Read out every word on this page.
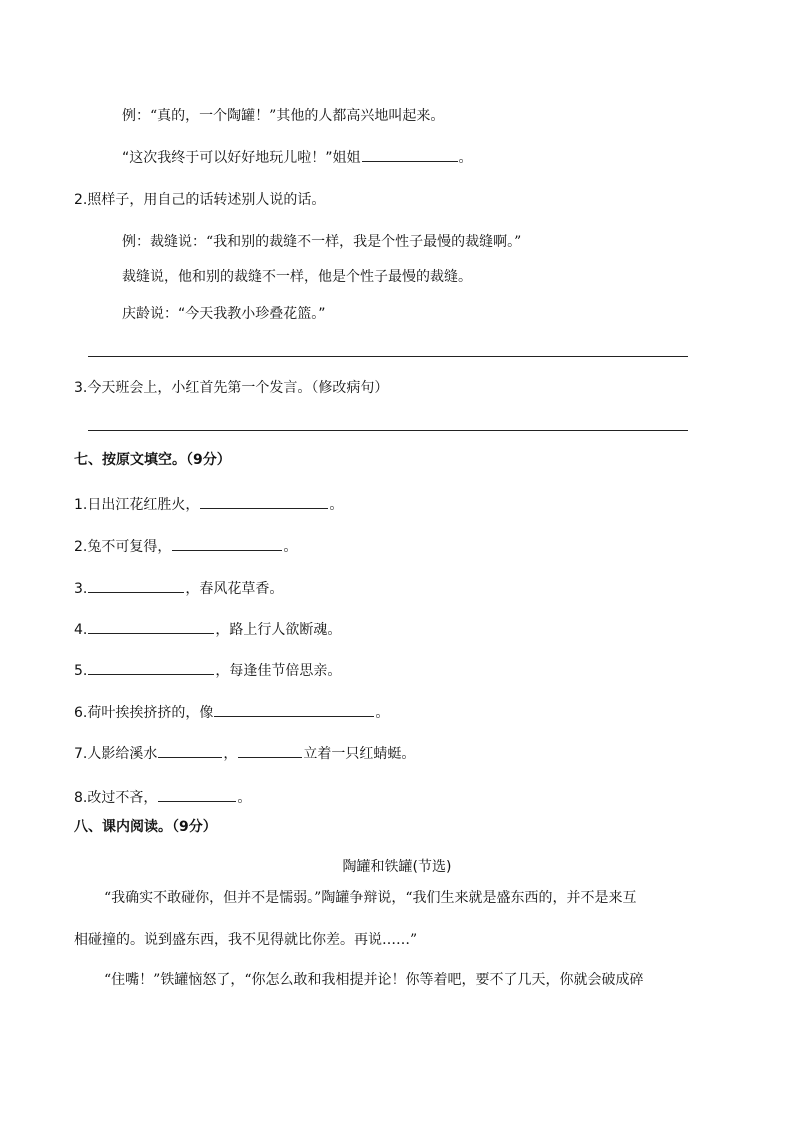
例：“真的，一个陶罐！”其他的人都高兴地叫起来。
“这次我终于可以好好地玩儿啦！”姐姐	。
2.照样子，用自己的话转述别人说的话。
例：裁缝说：“我和别的裁缝不一样，我是个性子最慢的裁缝啊。”
裁缝说，他和别的裁缝不一样，他是个性子最慢的裁缝。
庆龄说：“今天我教小珍叠花篮。”
3.今天班会上，小红首先第一个发言。（修改病句）
七、按原文填空。（9分）
1.日出江花红胜火，	。
2.兔不可复得，	。
3.	，春风花草香。
4.	，路上行人欲断魂。
5.	，每逢佳节倍思亲。
6.荷叶挨挨挤挤的，像	。
7.人影给溪水	，	立着一只红蜻蜓。
8.改过不吝，	。
八、课内阅读。（9分）
陶罐和铁罐(节选)
“我确实不敢碰你，但并不是懦弱。”陶罐争辩说，“我们生来就是盛东西的，并不是来互
相碰撞的。说到盛东西，我不见得就比你差。再说……”
“住嘴！”铁罐恼怒了，“你怎么敢和我相提并论！你等着吧，要不了几天，你就会破成碎
